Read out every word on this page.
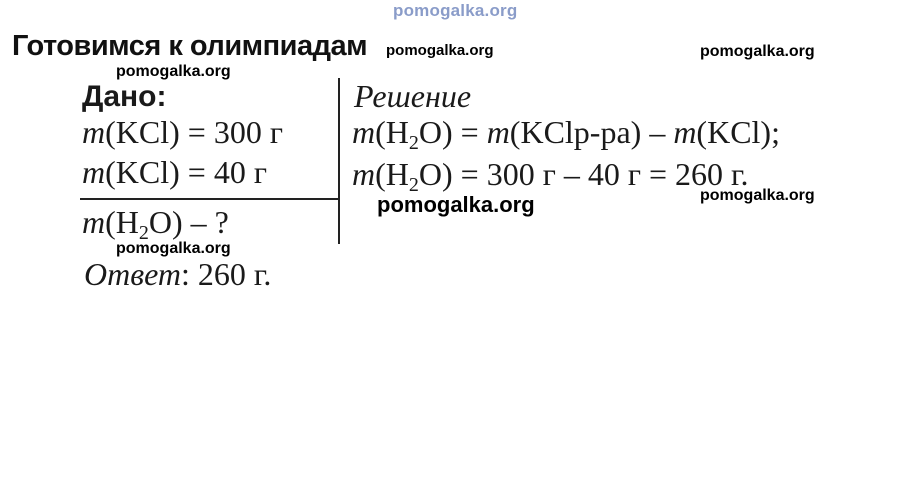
pomogalka.org
Готовимся к олимпиадам pomogalka.org	pomogalka.org
pomogalka.org
Дано:
m(KCl) = 300 г
m(KCl) = 40 г
$m(H_2O)$ – ?
pomogalka.org
Ответ: 260 г.
Решение
$m(H_2O)$ = m(KClр-ра) – m(KCl);
$m(H_2O) = 300$ г – 40 г = 260 г.
pomogalka.org
pomogalka.org
